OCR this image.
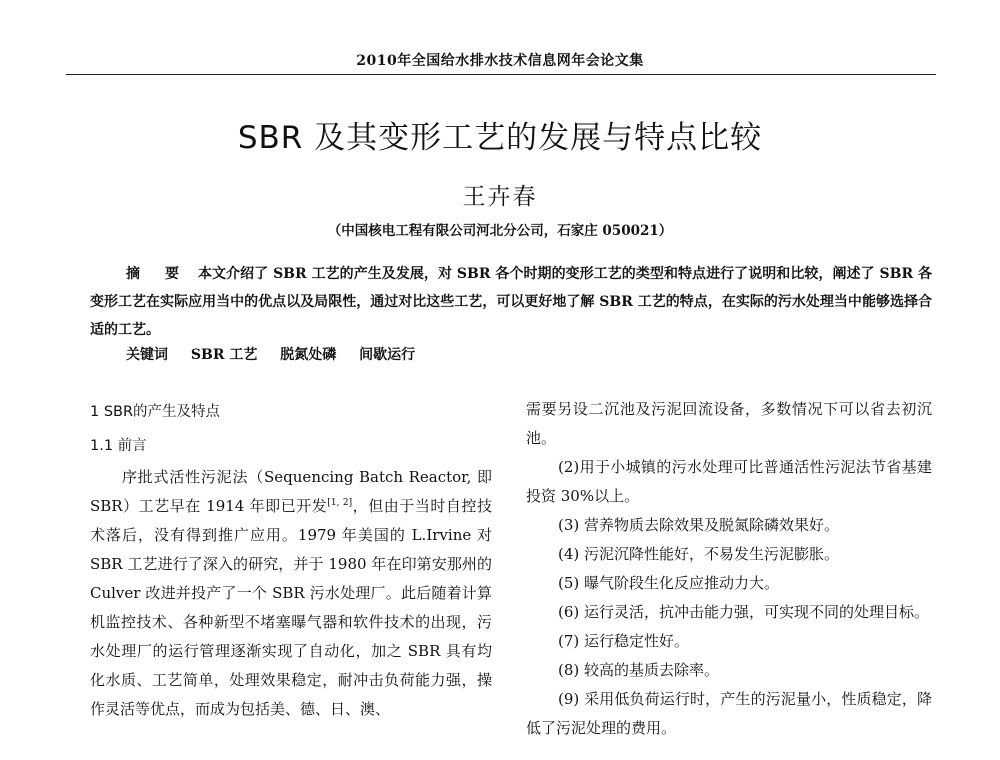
2010年全国给水排水技术信息网年会论文集
SBR 及其变形工艺的发展与特点比较
王卉春
（中国核电工程有限公司河北分公司，石家庄 050021）
摘 要 本文介绍了 SBR 工艺的产生及发展，对 SBR 各个时期的变形工艺的类型和特点进行了说明和比较，阐述了 SBR 各变形工艺在实际应用当中的优点以及局限性，通过对比这些工艺，可以更好地了解 SBR 工艺的特点，在实际的污水处理当中能够选择合适的工艺。
关键词 SBR 工艺 脱氮处磷 间歇运行
1 SBR的产生及特点
1.1 前言

序批式活性污泥法（Sequencing Batch Reactor, 即 SBR）工艺早在 1914 年即已开发[1, 2]，但由于当时自控技术落后，没有得到推广应用。1979 年美国的 L.Irvine 对 SBR 工艺进行了深入的研究，并于 1980 年在印第安那州的 Culver 改进并投产了一个 SBR 污水处理厂。此后随着计算机监控技术、各种新型不堵塞曝气器和软件技术的出现，污水处理厂的运行管理逐渐实现了自动化，加之 SBR 具有均化水质、工艺简单，处理效果稳定，耐冲击负荷能力强，操作灵活等优点，而成为包括美、德、日、澳、

需要另设二沉池及污泥回流设备，多数情况下可以省去初沉池。

(2)用于小城镇的污水处理可比普通活性污泥法节省基建投资 30%以上。

(3) 营养物质去除效果及脱氮除磷效果好。

(4) 污泥沉降性能好，不易发生污泥膨胀。

(5) 曝气阶段生化反应推动力大。

(6) 运行灵活，抗冲击能力强，可实现不同的处理目标。

(7) 运行稳定性好。

(8) 较高的基质去除率。

(9) 采用低负荷运行时，产生的污泥量小，性质稳定，降低了污泥处理的费用。
